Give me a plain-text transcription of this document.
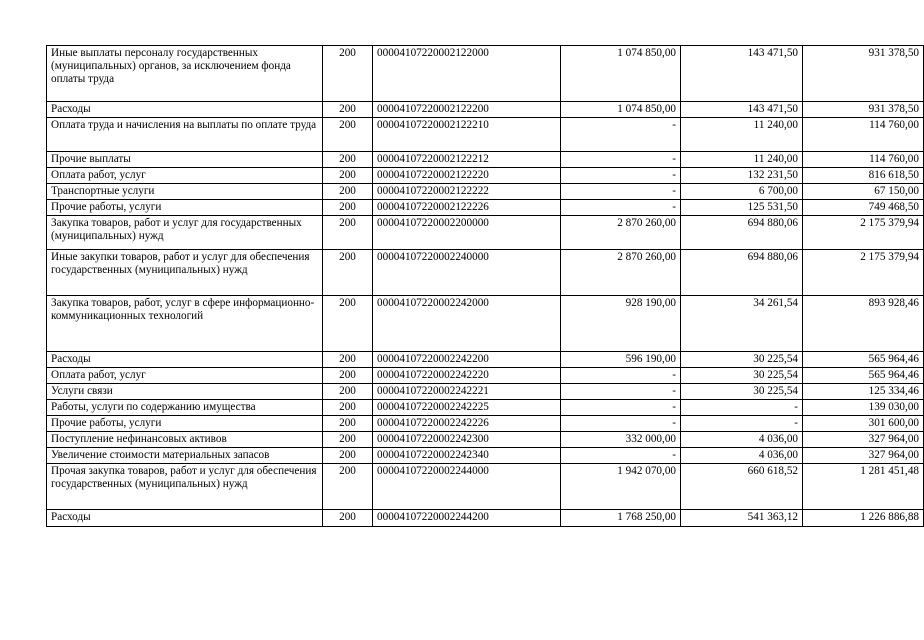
Иные выплаты персоналу государственных (муниципальных) органов, за исключением фонда оплаты труда	200	00004107220002122000	1 074 850,00	143 471,50	931 378,50
Расходы	200	00004107220002122200	1 074 850,00	143 471,50	931 378,50
Оплата труда и начисления на выплаты по оплате труда	200	00004107220002122210	-	11 240,00	114 760,00
Прочие выплаты	200	00004107220002122212	-	11 240,00	114 760,00
Оплата работ, услуг	200	00004107220002122220	-	132 231,50	816 618,50
Транспортные услуги	200	00004107220002122222	-	6 700,00	67 150,00
Прочие работы, услуги	200	00004107220002122226	-	125 531,50	749 468,50
Закупка товаров, работ и услуг для государственных (муниципальных) нужд	200	00004107220002200000	2 870 260,00	694 880,06	2 175 379,94
Иные закупки товаров, работ и услуг для обеспечения государственных (муниципальных) нужд	200	00004107220002240000	2 870 260,00	694 880,06	2 175 379,94
Закупка товаров, работ, услуг в сфере информационно-коммуникационных технологий	200	00004107220002242000	928 190,00	34 261,54	893 928,46
Расходы	200	00004107220002242200	596 190,00	30 225,54	565 964,46
Оплата работ, услуг	200	00004107220002242220	-	30 225,54	565 964,46
Услуги связи	200	00004107220002242221	-	30 225,54	125 334,46
Работы, услуги по содержанию имущества	200	00004107220002242225	-	-	139 030,00
Прочие работы, услуги	200	00004107220002242226	-	-	301 600,00
Поступление нефинансовых активов	200	00004107220002242300	332 000,00	4 036,00	327 964,00
Увеличение стоимости материальных запасов	200	00004107220002242340	-	4 036,00	327 964,00
Прочая закупка товаров, работ и услуг для обеспечения государственных (муниципальных) нужд	200	00004107220002244000	1 942 070,00	660 618,52	1 281 451,48
Расходы	200	00004107220002244200	1 768 250,00	541 363,12	1 226 886,88
